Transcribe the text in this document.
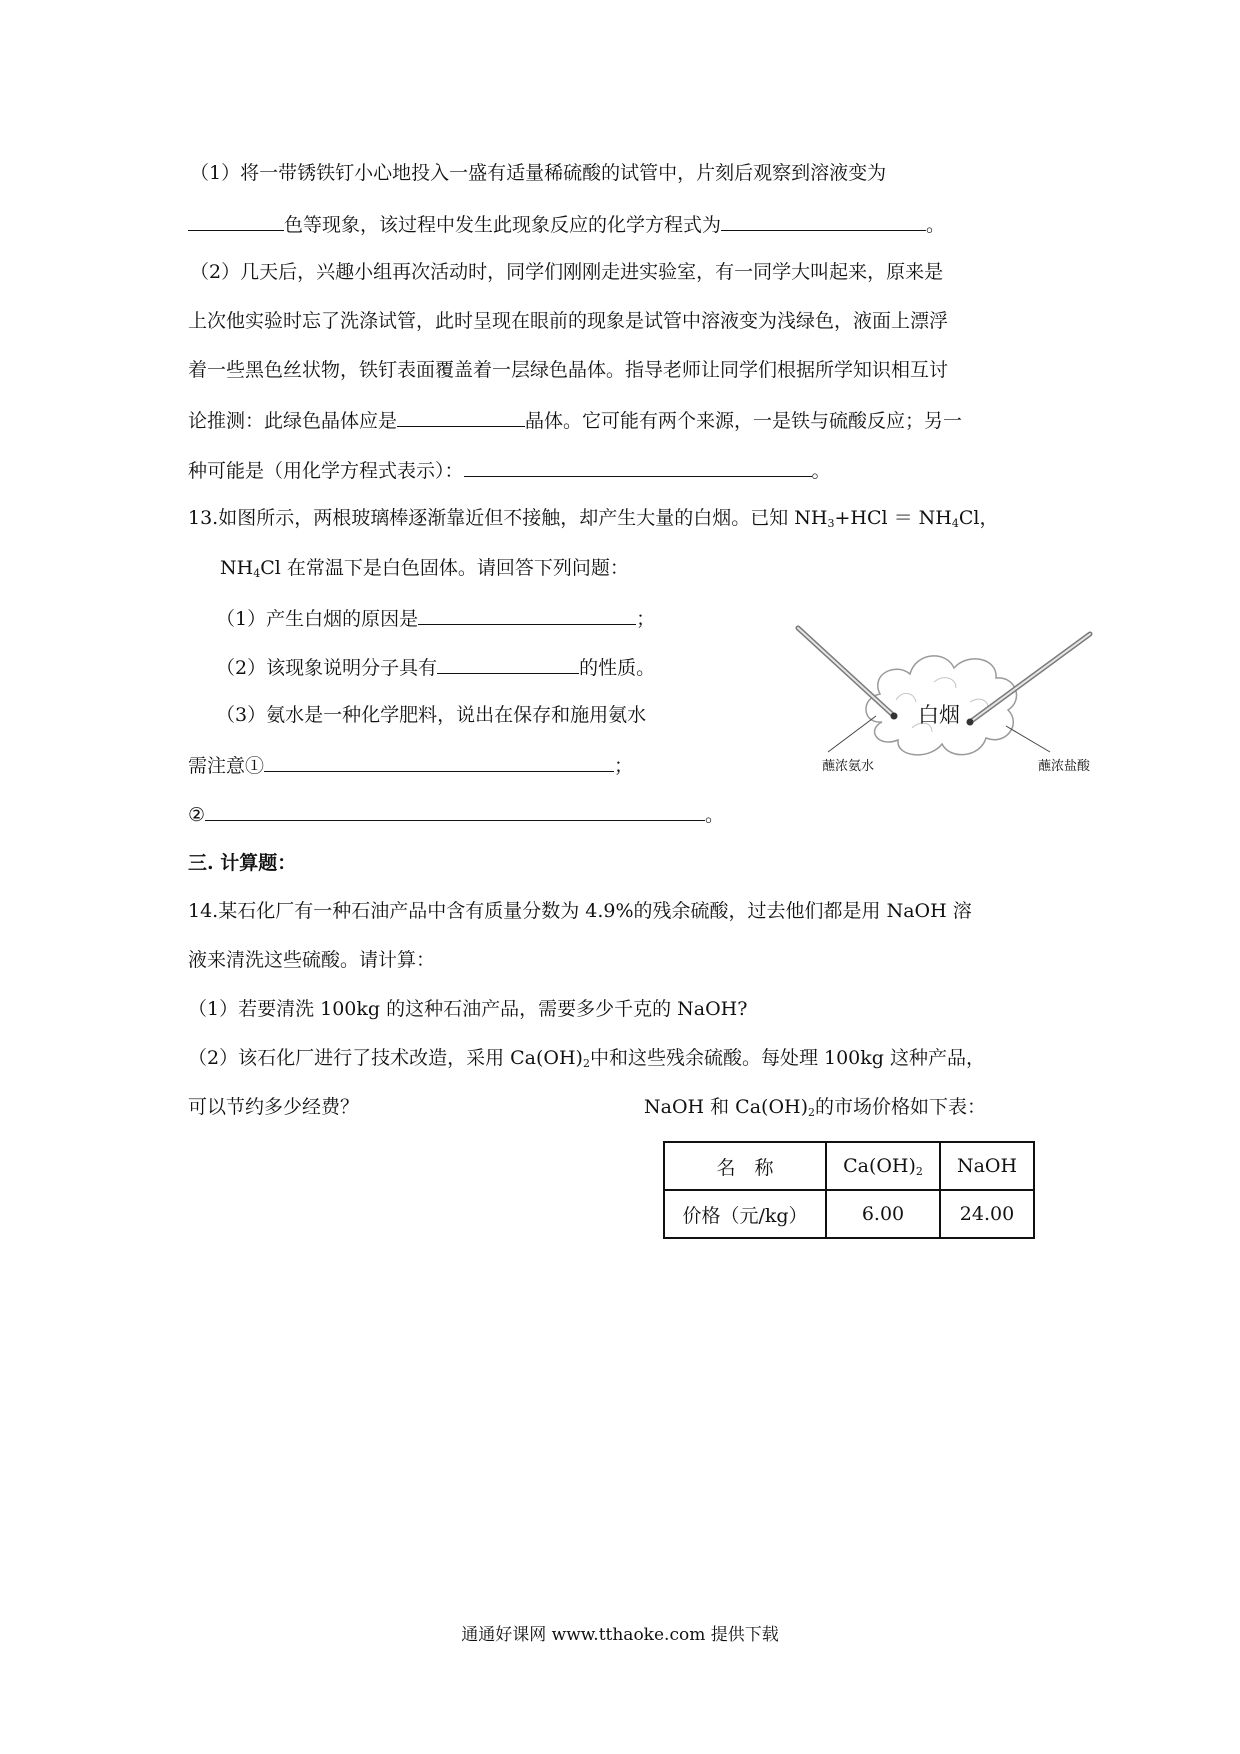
（1）将一带锈铁钉小心地投入一盛有适量稀硫酸的试管中，片刻后观察到溶液变为
色等现象，该过程中发生此现象反应的化学方程式为	。
（2）几天后，兴趣小组再次活动时，同学们刚刚走进实验室，有一同学大叫起来，原来是
上次他实验时忘了洗涤试管，此时呈现在眼前的现象是试管中溶液变为浅绿色，液面上漂浮
着一些黑色丝状物，铁钉表面覆盖着一层绿色晶体。指导老师让同学们根据所学知识相互讨
论推测：此绿色晶体应是	晶体。它可能有两个来源，一是铁与硫酸反应；另一
种可能是（用化学方程式表示）：	。
13.如图所示，两根玻璃棒逐渐靠近但不接触，却产生大量的白烟。已知 $NH_3+HCl = NH_4Cl$，
$NH_4Cl$ 在常温下是白色固体。请回答下列问题：
（1）产生白烟的原因是	；
（2）该现象说明分子具有	的性质。
（3）氨水是一种化学肥料，说出在保存和施用氨水
需注意①	；
②	。
白烟
蘸浓氨水	蘸浓盐酸
三. 计算题：
14.某石化厂有一种石油产品中含有质量分数为 4.9%的残余硫酸，过去他们都是用 NaOH 溶
液来清洗这些硫酸。请计算：
（1）若要清洗 100kg 的这种石油产品，需要多少千克的 NaOH?
（2）该石化厂进行了技术改造，采用 $Ca(OH)_2$中和这些残余硫酸。每处理 100kg 这种产品，
可以节约多少经费？	NaOH 和 $Ca(OH)_2$的市场价格如下表：
名　称	$Ca(OH)_2$	NaOH
价格（元/kg）	6.00	24.00
通通好课网 www.tthaoke.com 提供下载
